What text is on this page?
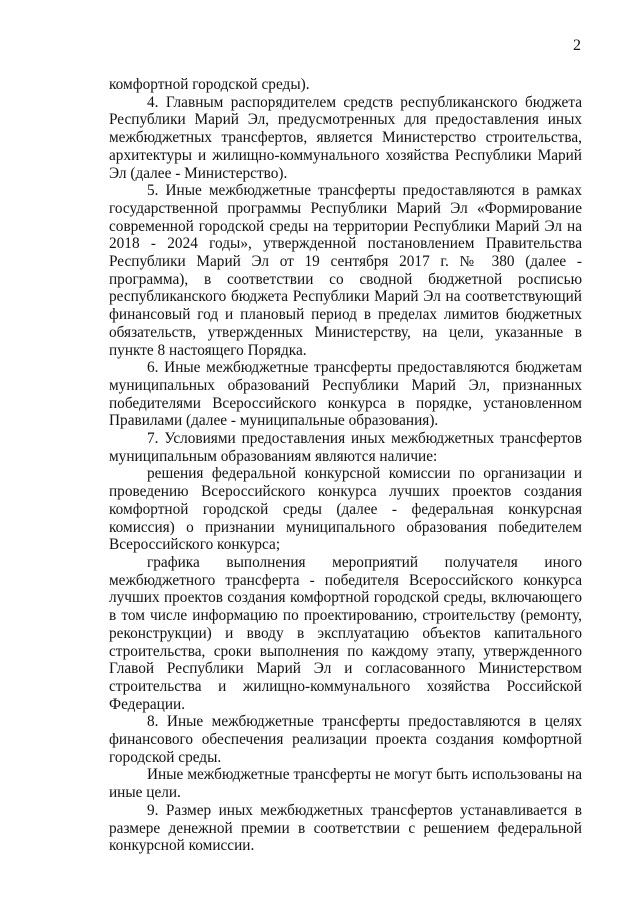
2

комфортной городской среды).

4. Главным распорядителем средств республиканского бюджета Республики Марий Эл, предусмотренных для предоставления иных межбюджетных трансфертов, является Министерство строительства, архитектуры и жилищно-коммунального хозяйства Республики Марий Эл (далее - Министерство).

5. Иные межбюджетные трансферты предоставляются в рамках государственной программы Республики Марий Эл «Формирование современной городской среды на территории Республики Марий Эл на 2018 - 2024 годы», утвержденной постановлением Правительства Республики Марий Эл от 19 сентября 2017 г. № 380 (далее - программа), в соответствии со сводной бюджетной росписью республиканского бюджета Республики Марий Эл на соответствующий финансовый год и плановый период в пределах лимитов бюджетных обязательств, утвержденных Министерству, на цели, указанные в пункте 8 настоящего Порядка.

6. Иные межбюджетные трансферты предоставляются бюджетам муниципальных образований Республики Марий Эл, признанных победителями Всероссийского конкурса в порядке, установленном Правилами (далее - муниципальные образования).

7. Условиями предоставления иных межбюджетных трансфертов муниципальным образованиям являются наличие:

решения федеральной конкурсной комиссии по организации и проведению Всероссийского конкурса лучших проектов создания комфортной городской среды (далее - федеральная конкурсная комиссия) о признании муниципального образования победителем Всероссийского конкурса;

графика выполнения мероприятий получателя иного межбюджетного трансферта - победителя Всероссийского конкурса лучших проектов создания комфортной городской среды, включающего в том числе информацию по проектированию, строительству (ремонту, реконструкции) и вводу в эксплуатацию объектов капитального строительства, сроки выполнения по каждому этапу, утвержденного Главой Республики Марий Эл и согласованного Министерством строительства и жилищно-коммунального хозяйства Российской Федерации.

8. Иные межбюджетные трансферты предоставляются в целях финансового обеспечения реализации проекта создания комфортной городской среды.

Иные межбюджетные трансферты не могут быть использованы на иные цели.

9. Размер иных межбюджетных трансфертов устанавливается в размере денежной премии в соответствии с решением федеральной конкурсной комиссии.
